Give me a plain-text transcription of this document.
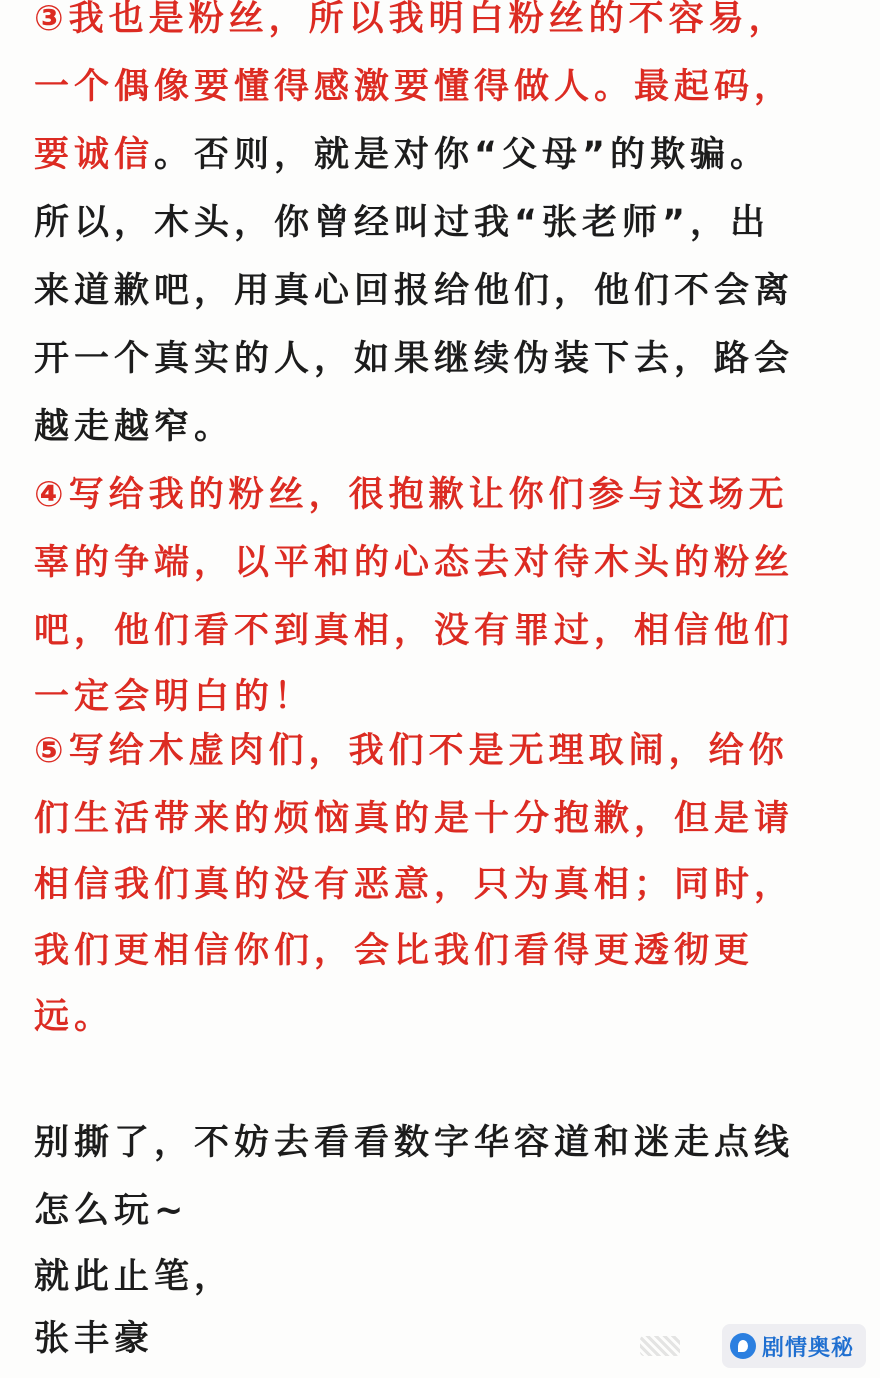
③我也是粉丝，所以我明白粉丝的不容易，
一个偶像要懂得感激要懂得做人。最起码，
要诚信。否则，就是对你“父母”的欺骗。
所以，木头，你曾经叫过我“张老师”，出
来道歉吧，用真心回报给他们，他们不会离
开一个真实的人，如果继续伪装下去，路会
越走越窄。
④写给我的粉丝，很抱歉让你们参与这场无
辜的争端，以平和的心态去对待木头的粉丝
吧，他们看不到真相，没有罪过，相信他们
一定会明白的！
⑤写给木虚肉们，我们不是无理取闹，给你
们生活带来的烦恼真的是十分抱歉，但是请
相信我们真的没有恶意，只为真相；同时，
我们更相信你们，会比我们看得更透彻更
远。
别撕了，不妨去看看数字华容道和迷走点线
怎么玩~
就此止笔，
张丰豪	剧情奥秘
